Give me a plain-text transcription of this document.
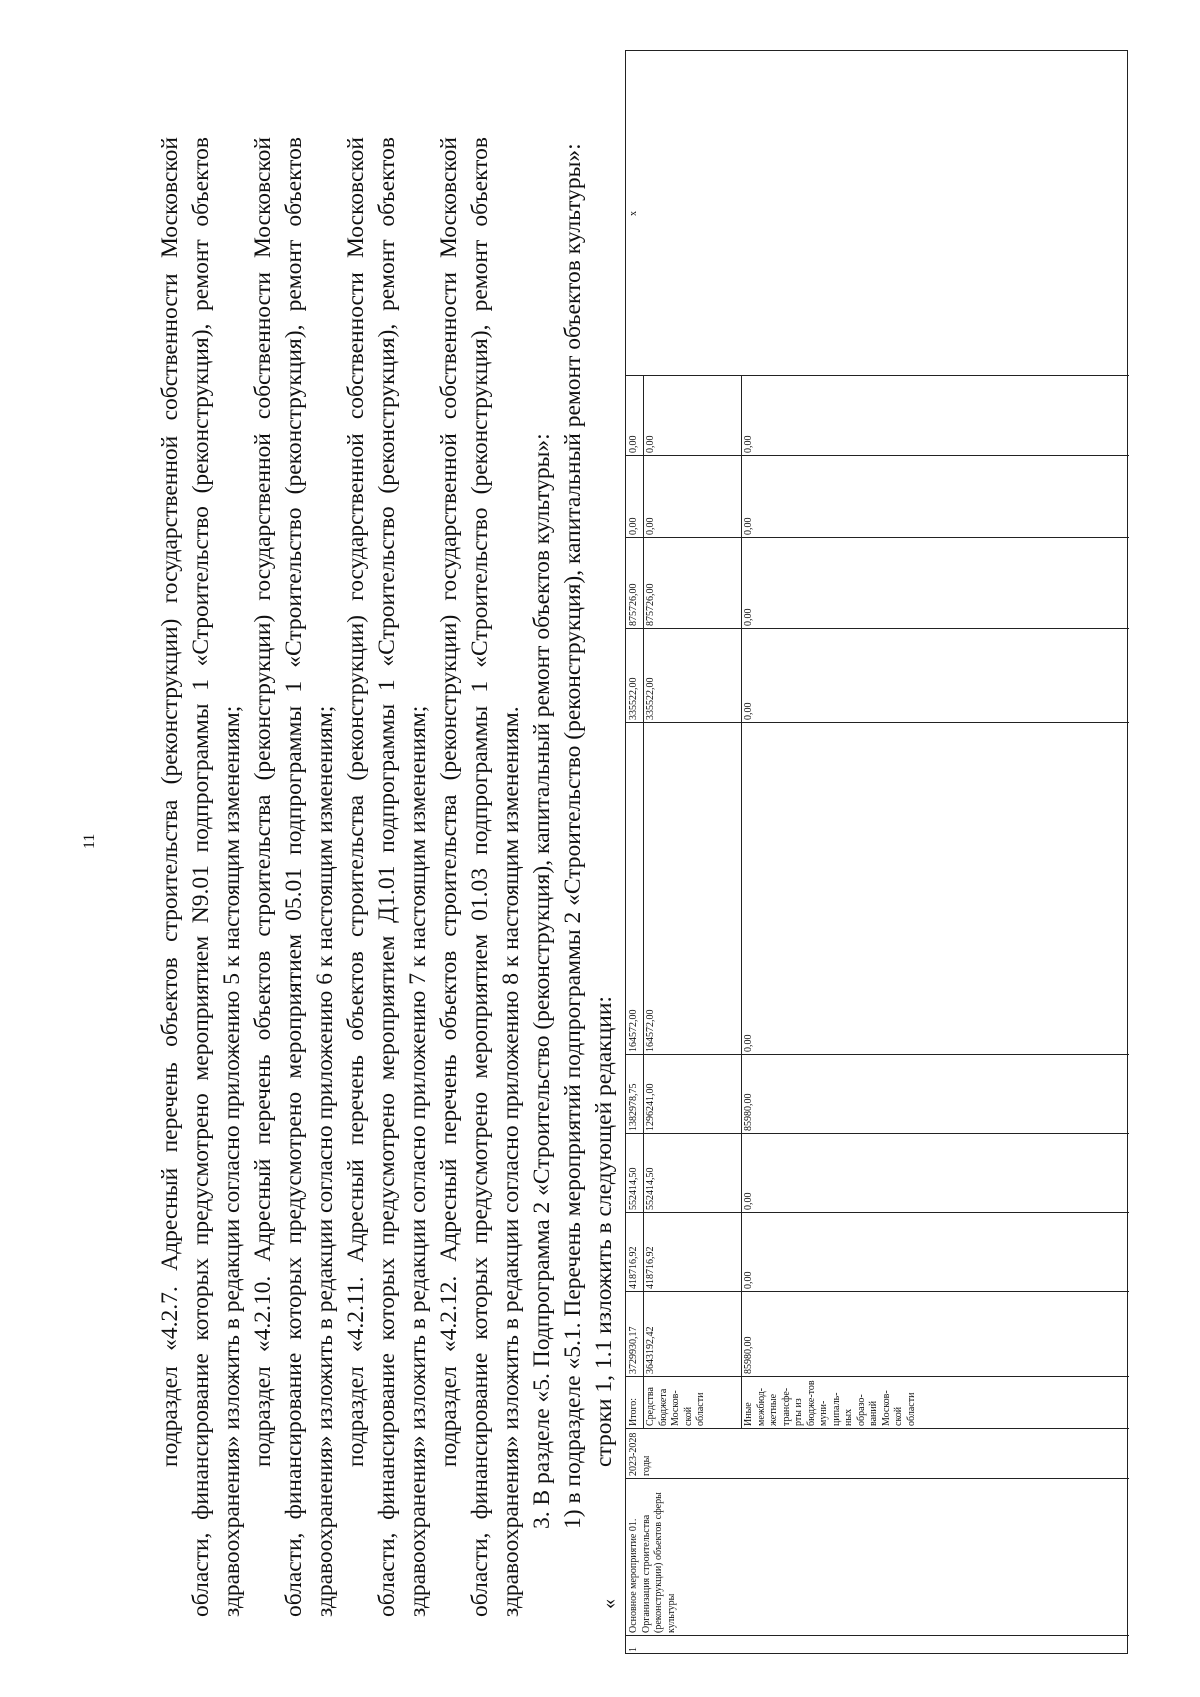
11	подраздел «4.2.7. Адресный перечень объектов строительства (реконструкции) государственной собственности Московской области, финансирование которых предусмотрено мероприятием N9.01 подпрограммы 1 «Строительство (реконструкция), ремонт объектов здравоохранения» изложить в редакции согласно приложению 5 к настоящим изменениям; подраздел «4.2.10. Адресный перечень объектов строительства (реконструкции) государственной собственности Московской области, финансирование которых предусмотрено мероприятием 05.01 подпрограммы 1 «Строительство (реконструкция), ремонт объектов здравоохранения» изложить в редакции согласно приложению 6 к настоящим изменениям; подраздел «4.2.11. Адресный перечень объектов строительства (реконструкции) государственной собственности Московской области, финансирование которых предусмотрено мероприятием Д1.01 подпрограммы 1 «Строительство (реконструкция), ремонт объектов здравоохранения» изложить в редакции согласно приложению 7 к настоящим изменениям; подраздел «4.2.12. Адресный перечень объектов строительства (реконструкции) государственной собственности Московской области, финансирование которых предусмотрено мероприятием 01.03 подпрограммы 1 «Строительство (реконструкция), ремонт объектов здравоохранения» изложить в редакции согласно приложению 8 к настоящим изменениям. 3. В разделе «5. Подпрограмма 2 «Строительство (реконструкция), капитальный ремонт объектов культуры»: 1) в подразделе «5.1. Перечень мероприятий подпрограммы 2 «Строительство (реконструкция), капитальный ремонт объектов культуры»: строки 1, 1.1 изложить в следующей редакции:

« Основное мероприятие 01. Организация строительства (реконструкции) объектов сферы культуры
2023-2028 годы
1
Итого:
3729930,17
418716,92
552414,50
1382978,75
164572,00
335522,00
875726,00
0,00
0,00
Средства бюджета Москов-ской области
3643192,42
418716,92
552414,50
1296241,00
164572,00
335522,00
875726,00
0,00
0,00
Иные межбюд-жетные трансфе-рты из бюдже-тов муни-ципаль-ных образо-ваний Москов-ской области
85980,00
0,00
0,00
85980,00
0,00
0,00
0,00
0,00
0,00
х
